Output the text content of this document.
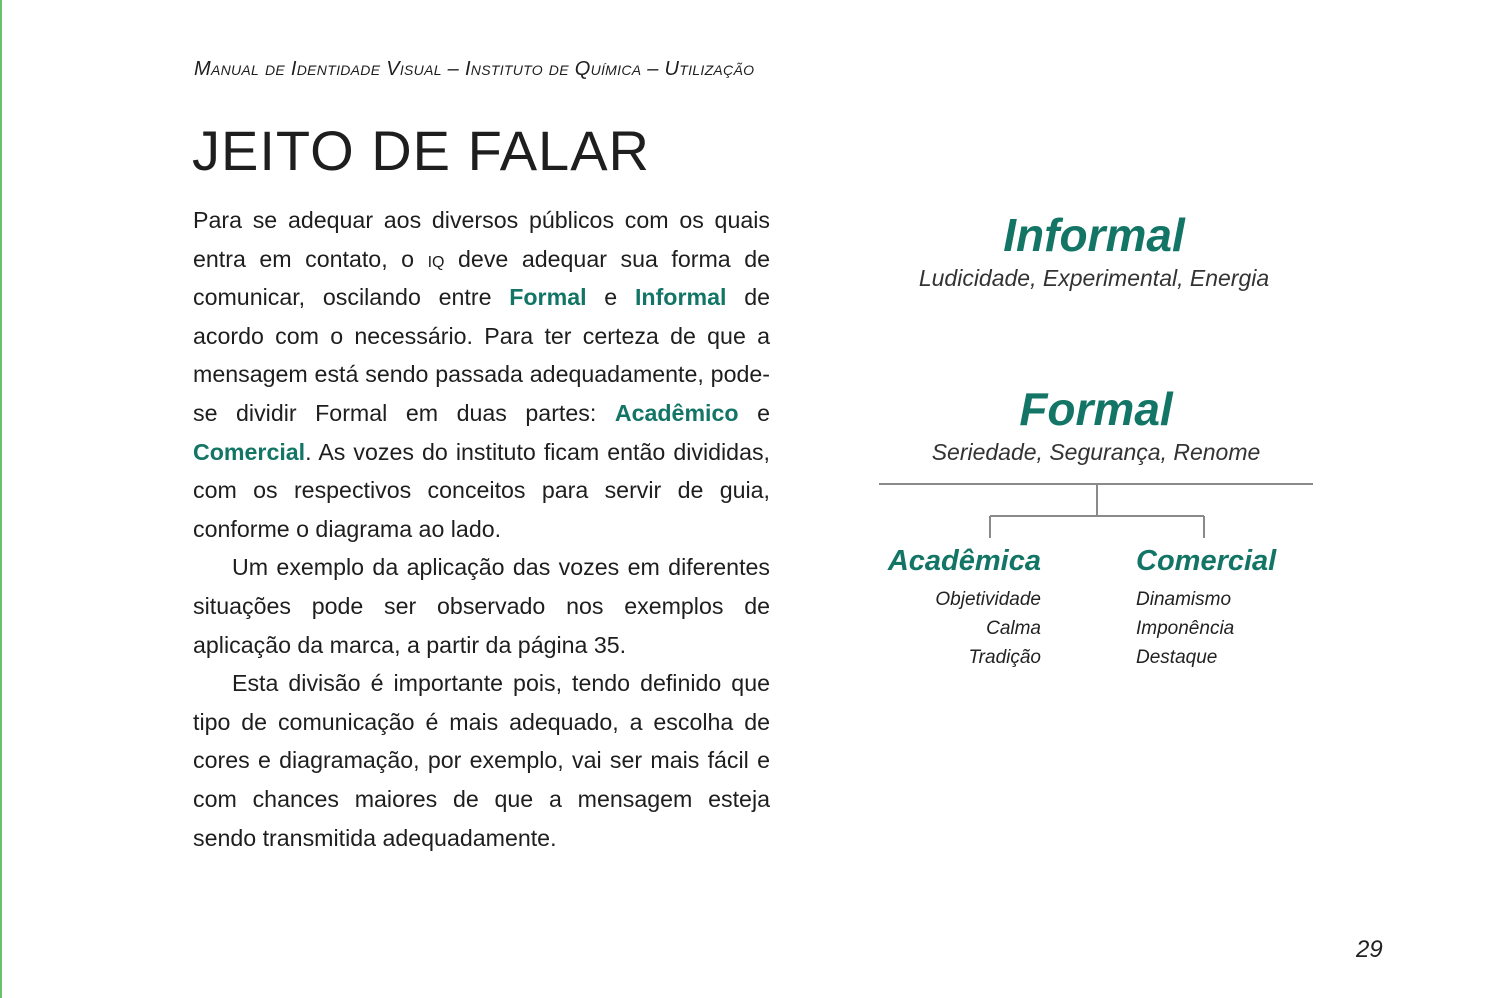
Manual de Identidade Visual – Instituto de Química – Utilização
JEITO DE FALAR

Para se adequar aos diversos públicos com os quais entra em contato, o iq deve adequar sua forma de comunicar, oscilando entre Formal e Informal de acordo com o necessário. Para ter certeza de que a mensagem está sendo passada adequadamente, pode-se dividir Formal em duas partes: Acadêmico e Comercial. As vozes do instituto ficam então divididas, com os respectivos conceitos para servir de guia, conforme o diagrama ao lado.

Um exemplo da aplicação das vozes em diferentes situações pode ser observado nos exemplos de aplicação da marca, a partir da página 35.

Esta divisão é importante pois, tendo definido que tipo de comunicação é mais adequado, a escolha de cores e diagramação, por exemplo, vai ser mais fácil e com chances maiores de que a mensagem esteja sendo transmitida adequadamente.

Informal
Ludicidade, Experimental, Energia
Formal
Seriedade, Segurança, Renome
Acadêmica
Objetividade
Calma
Tradição
Comercial
Dinamismo
Imponência
Destaque
29
